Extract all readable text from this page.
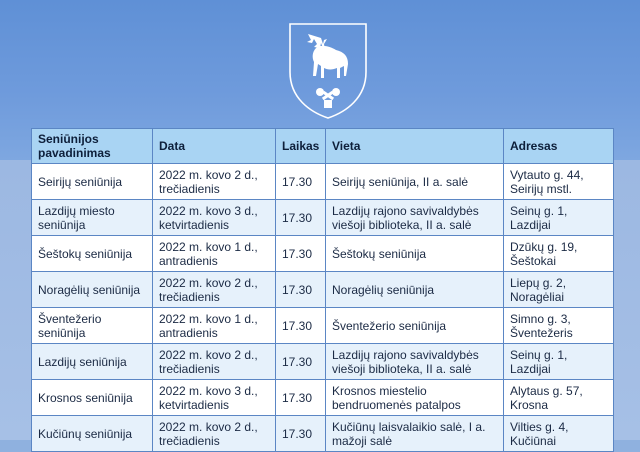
Seniūnijos pavadinimas	Data	Laikas	Vieta	Adresas
Seirijų seniūnija	2022 m. kovo 2 d., trečiadienis	17.30	Seirijų seniūnija, II a. salė	Vytauto g. 44, Seirijų mstl.
Lazdijų miesto seniūnija	2022 m. kovo 3 d., ketvirtadienis	17.30	Lazdijų rajono savivaldybės viešoji biblioteka, II a. salė	Seinų g. 1, Lazdijai
Šeštokų seniūnija	2022 m. kovo 1 d., antradienis	17.30	Šeštokų seniūnija	Dzūkų g. 19, Šeštokai
Noragėlių seniūnija	2022 m. kovo 2 d., trečiadienis	17.30	Noragėlių seniūnija	Liepų g. 2, Noragėliai
Šventežerio seniūnija	2022 m. kovo 1 d., antradienis	17.30	Šventežerio seniūnija	Simno g. 3, Šventežeris
Lazdijų seniūnija	2022 m. kovo 2 d., trečiadienis	17.30	Lazdijų rajono savivaldybės viešoji biblioteka, II a. salė	Seinų g. 1, Lazdijai
Krosnos seniūnija	2022 m. kovo 3 d., ketvirtadienis	17.30	Krosnos miestelio bendruomenės patalpos	Alytaus g. 57, Krosna
Kučiūnų seniūnija	2022 m. kovo 2 d., trečiadienis	17.30	Kučiūnų laisvalaikio salė, I a. mažoji salė	Vilties g. 4, Kučiūnai
